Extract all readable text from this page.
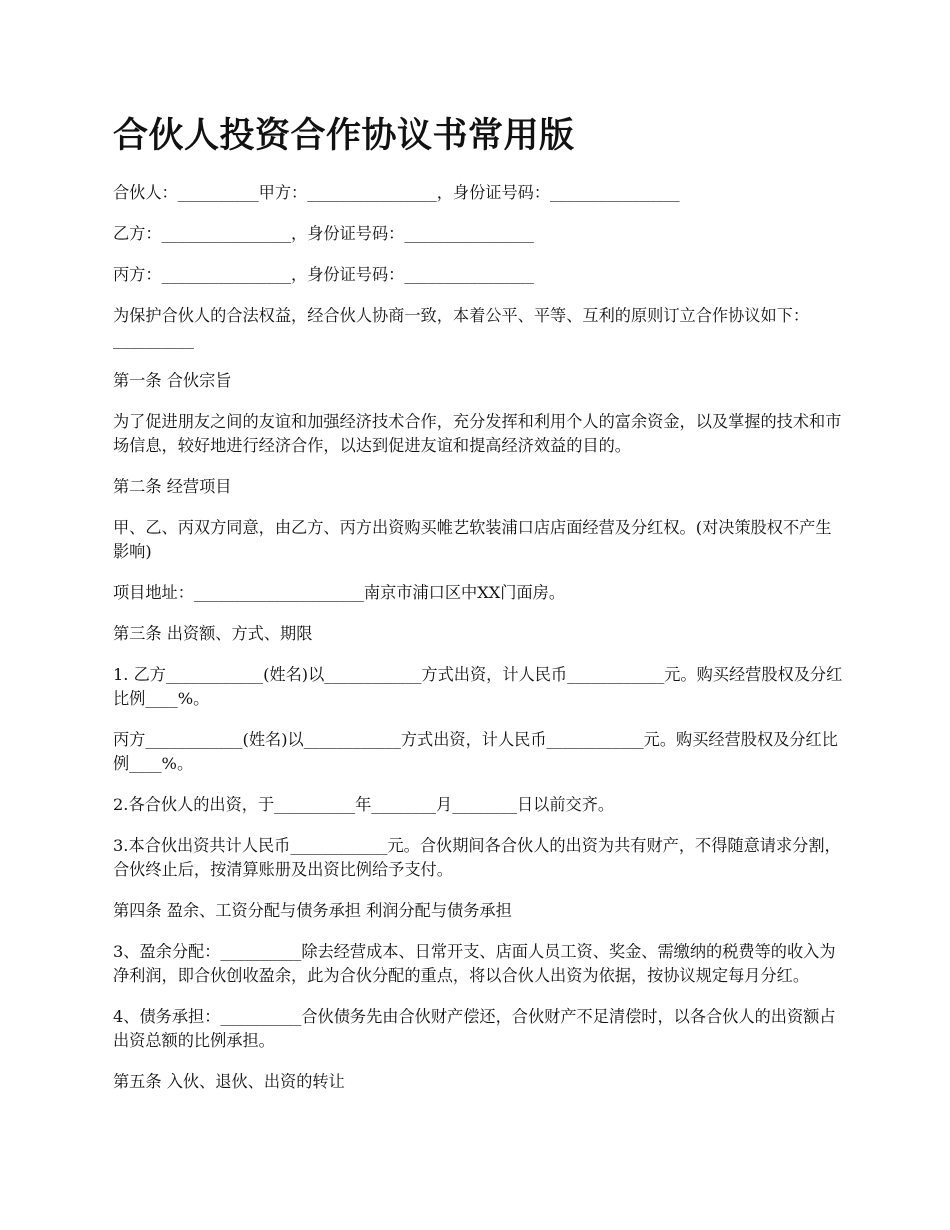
合伙人投资合作协议书常用版

合伙人：__________甲方：________________，身份证号码：________________

乙方：________________，身份证号码：________________

丙方：________________，身份证号码：________________

为保护合伙人的合法权益，经合伙人协商一致，本着公平、平等、互利的原则订立合作协议如下：__________

第一条 合伙宗旨

为了促进朋友之间的友谊和加强经济技术合作，充分发挥和利用个人的富余资金，以及掌握的技术和市场信息，较好地进行经济合作，以达到促进友谊和提高经济效益的目的。

第二条 经营项目

甲、乙、丙双方同意，由乙方、丙方出资购买帷艺软装浦口店店面经营及分红权。(对决策股权不产生影响)

项目地址：_____________________南京市浦口区中XX门面房。

第三条 出资额、方式、期限

1. 乙方____________(姓名)以____________方式出资，计人民币____________元。购买经营股权及分红比例____%。

丙方____________(姓名)以____________方式出资，计人民币____________元。购买经营股权及分红比例____%。

2.各合伙人的出资，于__________年________月________日以前交齐。

3.本合伙出资共计人民币____________元。合伙期间各合伙人的出资为共有财产，不得随意请求分割，合伙终止后，按清算账册及出资比例给予支付。

第四条 盈余、工资分配与债务承担 利润分配与债务承担

3、盈余分配：__________除去经营成本、日常开支、店面人员工资、奖金、需缴纳的税费等的收入为净利润，即合伙创收盈余，此为合伙分配的重点，将以合伙人出资为依据，按协议规定每月分红。

4、债务承担：__________合伙债务先由合伙财产偿还，合伙财产不足清偿时，以各合伙人的出资额占出资总额的比例承担。

第五条 入伙、退伙、出资的转让
